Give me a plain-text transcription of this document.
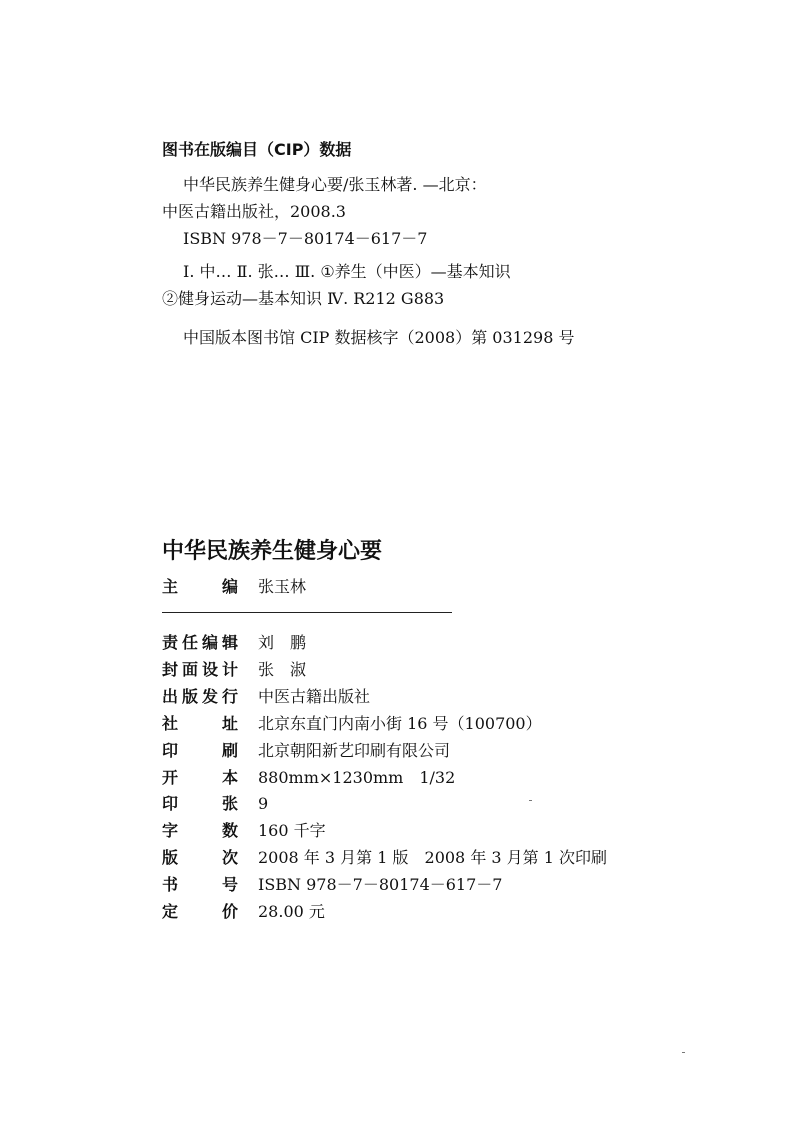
图书在版编目（CIP）数据
中华民族养生健身心要/张玉林著. —北京：
中医古籍出版社，2008.3
ISBN 978－7－80174－617－7
Ⅰ. 中… Ⅱ. 张… Ⅲ. ①养生（中医）—基本知识
②健身运动—基本知识 Ⅳ. R212 G883
中国版本图书馆 CIP 数据核字（2008）第 031298 号
中华民族养生健身心要
主	编 张玉林
责 任 编 辑 刘　鹏
封 面 设 计 张　淑
出 版 发 行 中医古籍出版社
社	址 北京东直门内南小街 16 号（100700）
印	刷 北京朝阳新艺印刷有限公司
开	本 880mm×1230mm　1/32
印	张 9
字	数 160 千字
版	次 2008 年 3 月第 1 版　2008 年 3 月第 1 次印刷
书	号 ISBN 978－7－80174－617－7
定	价 28.00 元
